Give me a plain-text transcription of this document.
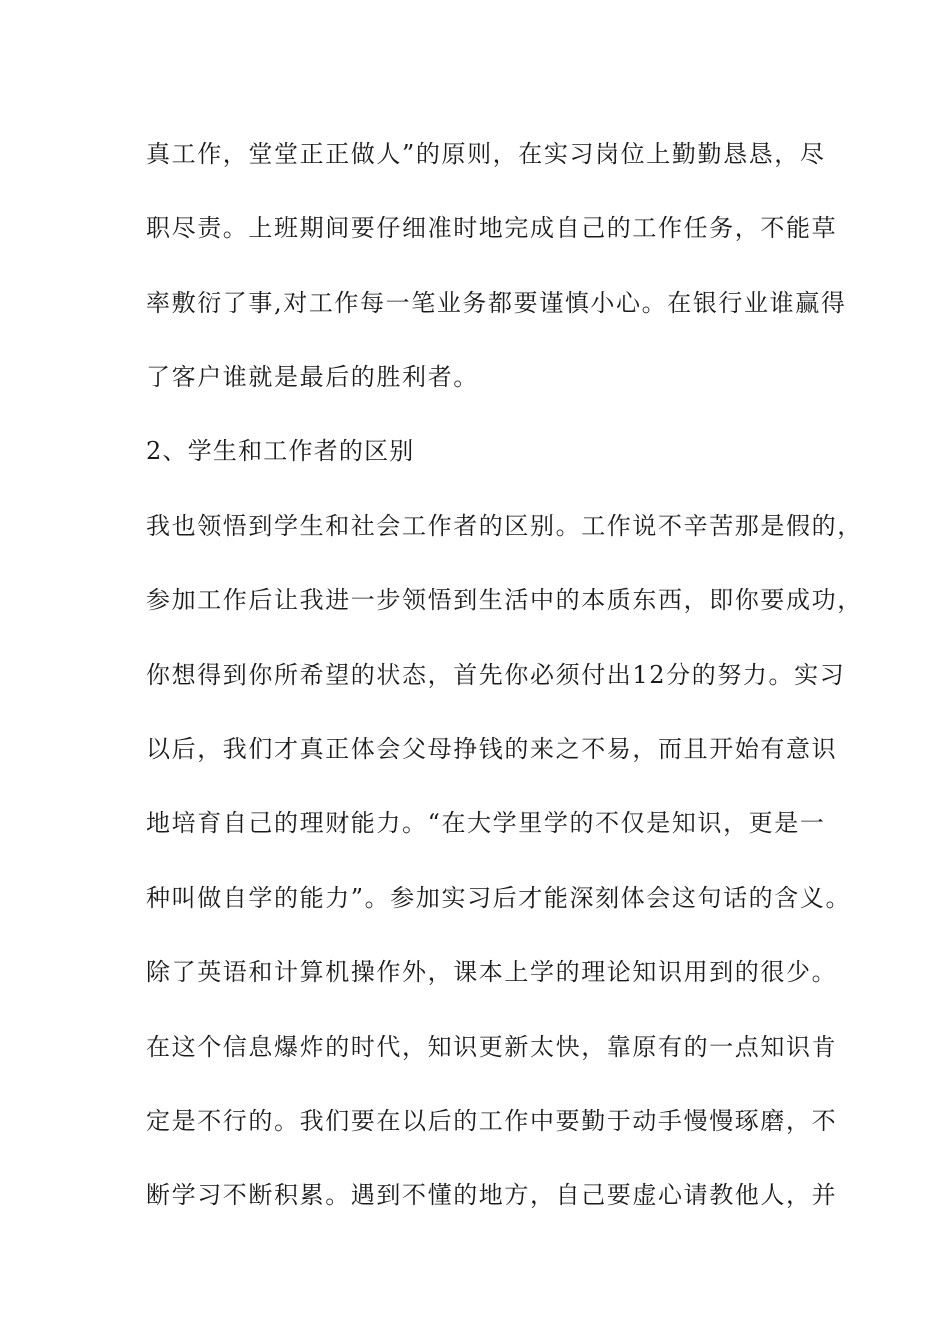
真工作，堂堂正正做人”的原则，在实习岗位上勤勤恳恳，尽
职尽责。上班期间要仔细准时地完成自己的工作任务，不能草
率敷衍了事,对工作每一笔业务都要谨慎小心。在银行业谁赢得
了客户谁就是最后的胜利者。
2、学生和工作者的区别
我也领悟到学生和社会工作者的区别。工作说不辛苦那是假的，
参加工作后让我进一步领悟到生活中的本质东西，即你要成功，
你想得到你所希望的状态，首先你必须付出12分的努力。实习
以后，我们才真正体会父母挣钱的来之不易，而且开始有意识
地培育自己的理财能力。“在大学里学的不仅是知识，更是一
种叫做自学的能力”。参加实习后才能深刻体会这句话的含义。
除了英语和计算机操作外，课本上学的理论知识用到的很少。
在这个信息爆炸的时代，知识更新太快，靠原有的一点知识肯
定是不行的。我们要在以后的工作中要勤于动手慢慢琢磨，不
断学习不断积累。遇到不懂的地方，自己要虚心请教他人，并
